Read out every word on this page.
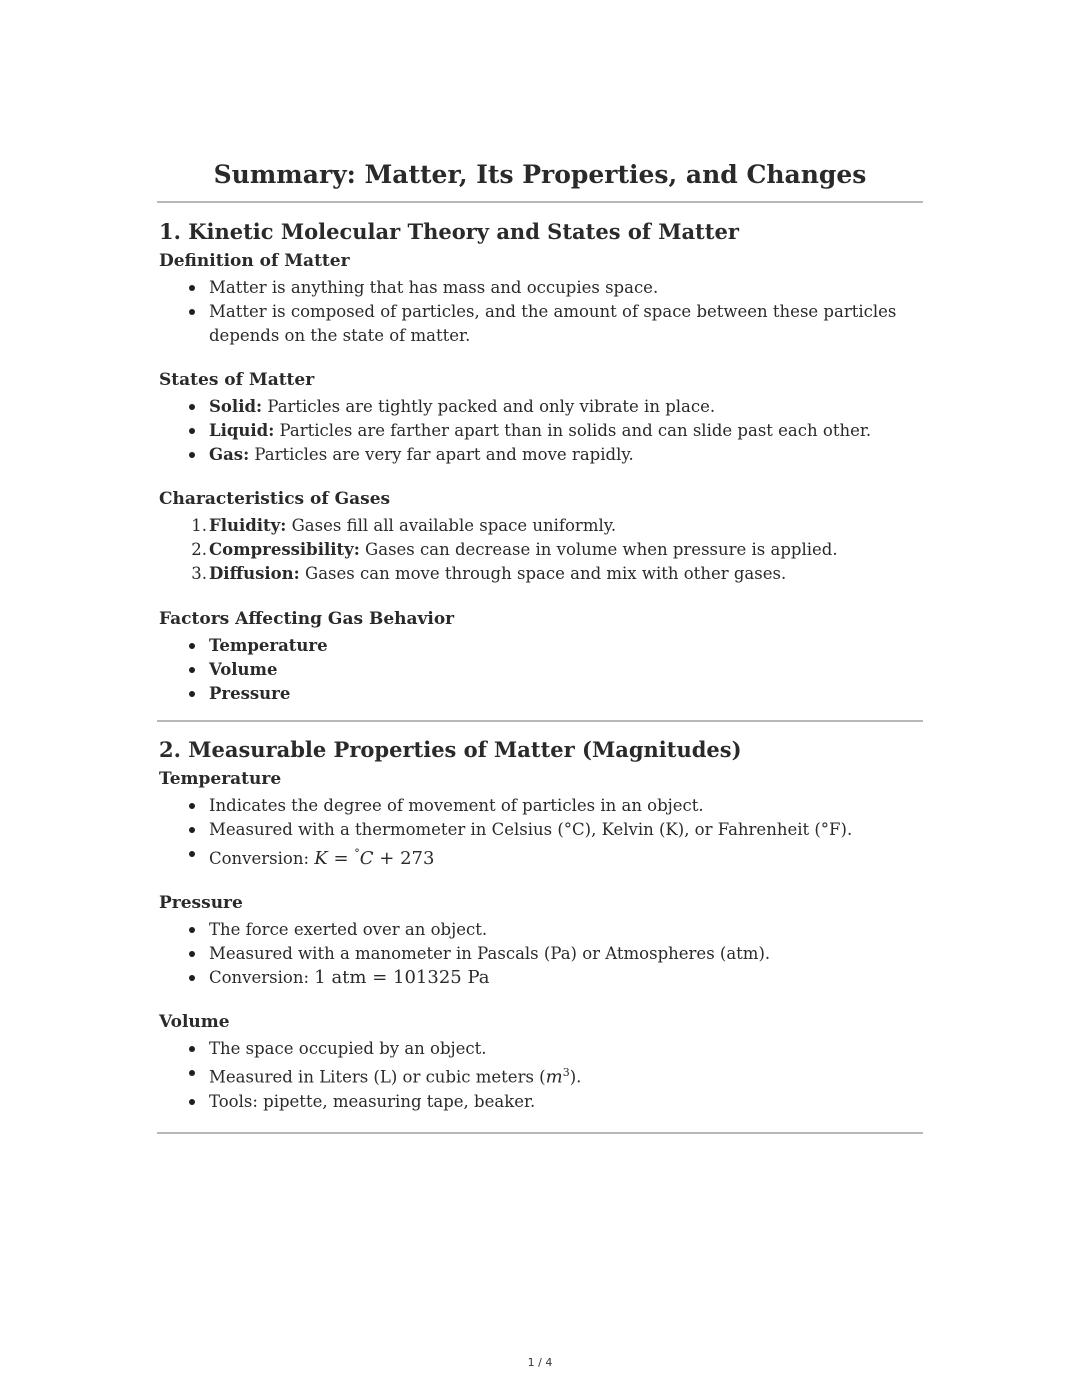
Summary: Matter, Its Properties, and Changes
1. Kinetic Molecular Theory and States of Matter
Definition of Matter
Matter is anything that has mass and occupies space.
Matter is composed of particles, and the amount of space between these particles depends on the state of matter.
States of Matter
Solid: Particles are tightly packed and only vibrate in place.
Liquid: Particles are farther apart than in solids and can slide past each other.
Gas: Particles are very far apart and move rapidly.
Characteristics of Gases
1. Fluidity: Gases fill all available space uniformly.
2. Compressibility: Gases can decrease in volume when pressure is applied.
3. Diffusion: Gases can move through space and mix with other gases.
Factors Affecting Gas Behavior
Temperature
Volume
Pressure
2. Measurable Properties of Matter (Magnitudes)
Temperature
Indicates the degree of movement of particles in an object.
Measured with a thermometer in Celsius (°C), Kelvin (K), or Fahrenheit (°F).
Conversion: K = °C + 273
Pressure
The force exerted over an object.
Measured with a manometer in Pascals (Pa) or Atmospheres (atm).
Conversion: 1 atm = 101325 Pa
Volume
The space occupied by an object.
Measured in Liters (L) or cubic meters $(m^3)$.
Tools: pipette, measuring tape, beaker.
1 / 4
